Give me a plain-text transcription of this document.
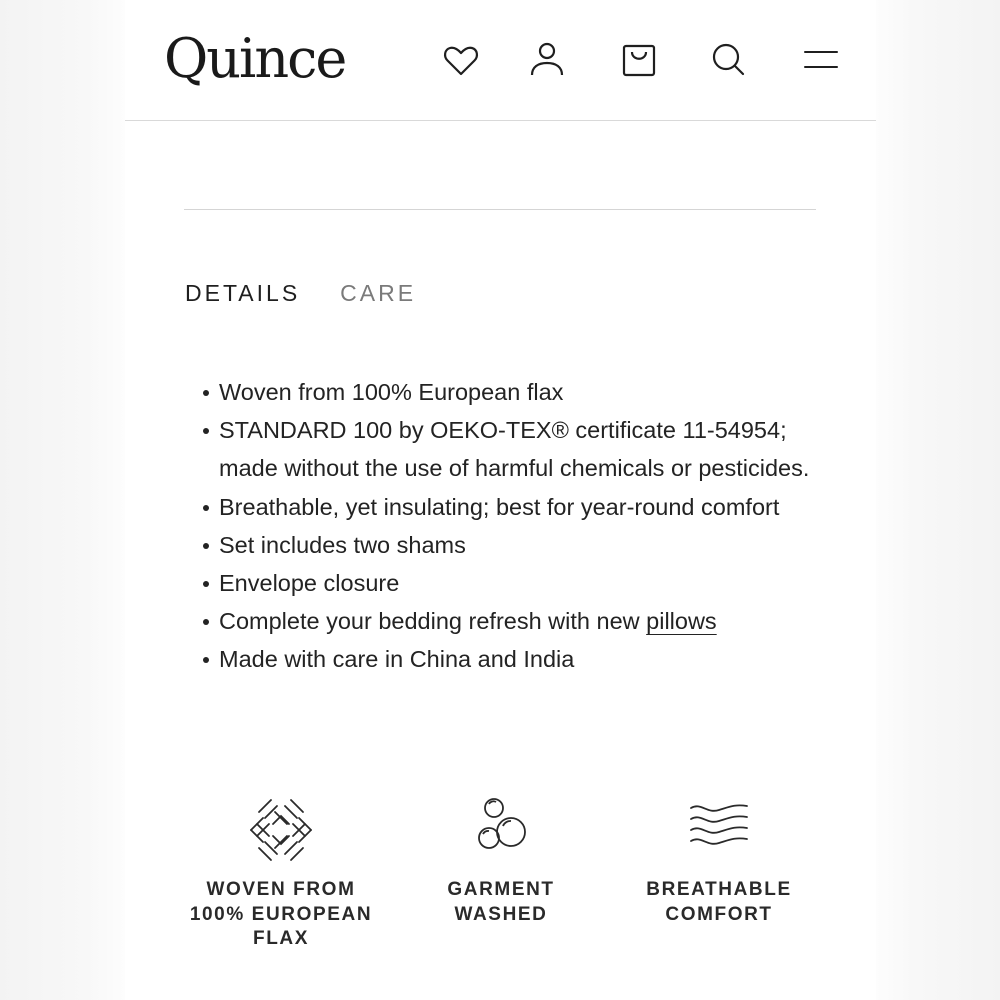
Quince
DETAILS CARE
Woven from 100% European flax
STANDARD 100 by OEKO-TEX® certificate 11-54954; made without the use of harmful chemicals or pesticides.
Breathable, yet insulating; best for year-round comfort
Set includes two shams
Envelope closure
Complete your bedding refresh with new pillows
Made with care in China and India
WOVEN FROM
100% EUROPEAN
FLAX
GARMENT
WASHED
BREATHABLE
COMFORT
